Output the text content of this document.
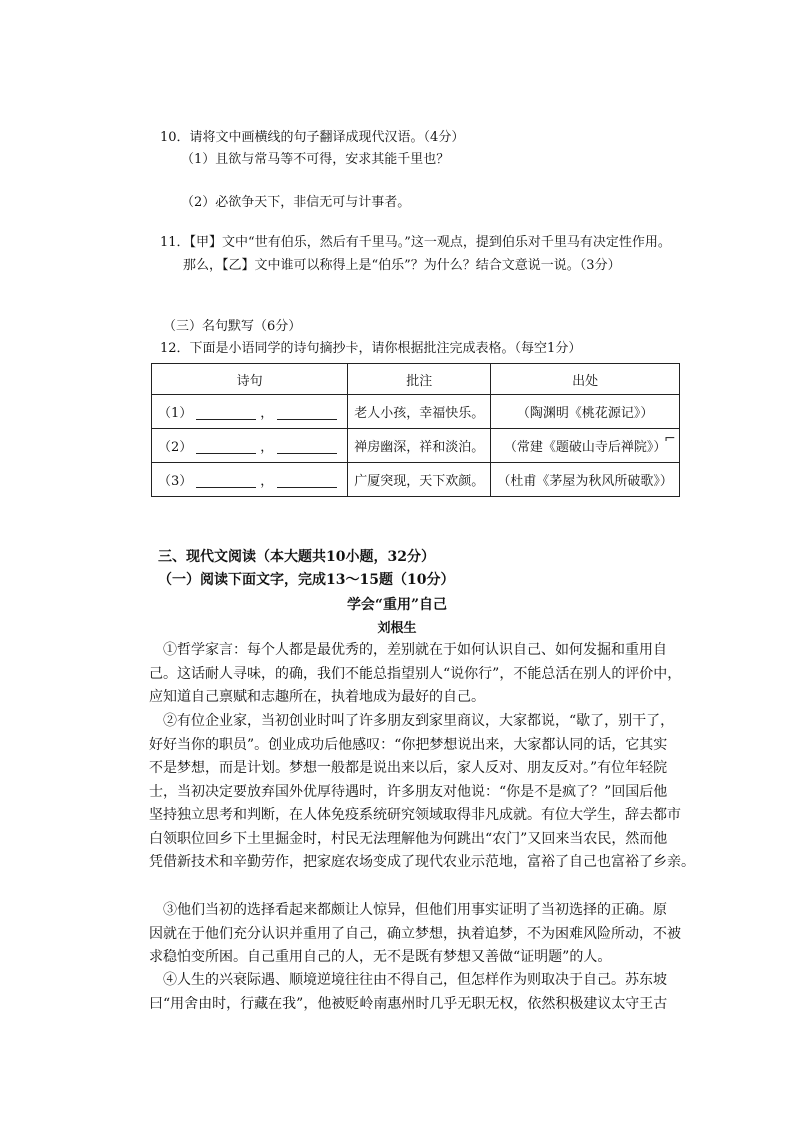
10．请将文中画横线的句子翻译成现代汉语。（4分）
（1）且欲与常马等不可得，安求其能千里也？
（2）必欲争天下，非信无可与计事者。
11．【甲】文中“世有伯乐，然后有千里马。”这一观点，提到伯乐对千里马有决定性作用。
那么，【乙】文中谁可以称得上是“伯乐”？为什么？结合文意说一说。（3分）
（三）名句默写（6分）
12．下面是小语同学的诗句摘抄卡，请你根据批注完成表格。（每空1分）
诗句	批注	出处
（1） ，	老人小孩，幸福快乐。	（陶渊明《桃花源记》）
（2） ，	禅房幽深，祥和淡泊。	（常建《题破山寺后禅院》）
（3） ，	广厦突现，天下欢颜。	（杜甫《茅屋为秋风所破歌》）
⌐
三、现代文阅读（本大题共10小题，32分）
（一）阅读下面文字，完成13～15题（10分）
学会“重用”自己
刘根生
①哲学家言：每个人都是最优秀的，差别就在于如何认识自己、如何发掘和重用自
己。这话耐人寻味，的确，我们不能总指望别人“说你行”，不能总活在别人的评价中，
应知道自己禀赋和志趣所在，执着地成为最好的自己。
②有位企业家，当初创业时叫了许多朋友到家里商议，大家都说，“歇了，别干了，
好好当你的职员”。创业成功后他感叹：“你把梦想说出来，大家都认同的话，它其实
不是梦想，而是计划。梦想一般都是说出来以后，家人反对、朋友反对。”有位年轻院
士，当初决定要放弃国外优厚待遇时，许多朋友对他说：“你是不是疯了？”回国后他
坚持独立思考和判断，在人体免疫系统研究领域取得非凡成就。有位大学生，辞去都市
白领职位回乡下土里掘金时，村民无法理解他为何跳出“农门”又回来当农民，然而他
凭借新技术和辛勤劳作，把家庭农场变成了现代农业示范地，富裕了自己也富裕了乡亲。
③他们当初的选择看起来都颇让人惊异，但他们用事实证明了当初选择的正确。原
因就在于他们充分认识并重用了自己，确立梦想，执着追梦，不为困难风险所动，不被
求稳怕变所困。自己重用自己的人，无不是既有梦想又善做“证明题”的人。
④人生的兴衰际遇、顺境逆境往往由不得自己，但怎样作为则取决于自己。苏东坡
曰“用舍由时，行藏在我”，他被贬岭南惠州时几乎无职无权，依然积极建议太守王古
